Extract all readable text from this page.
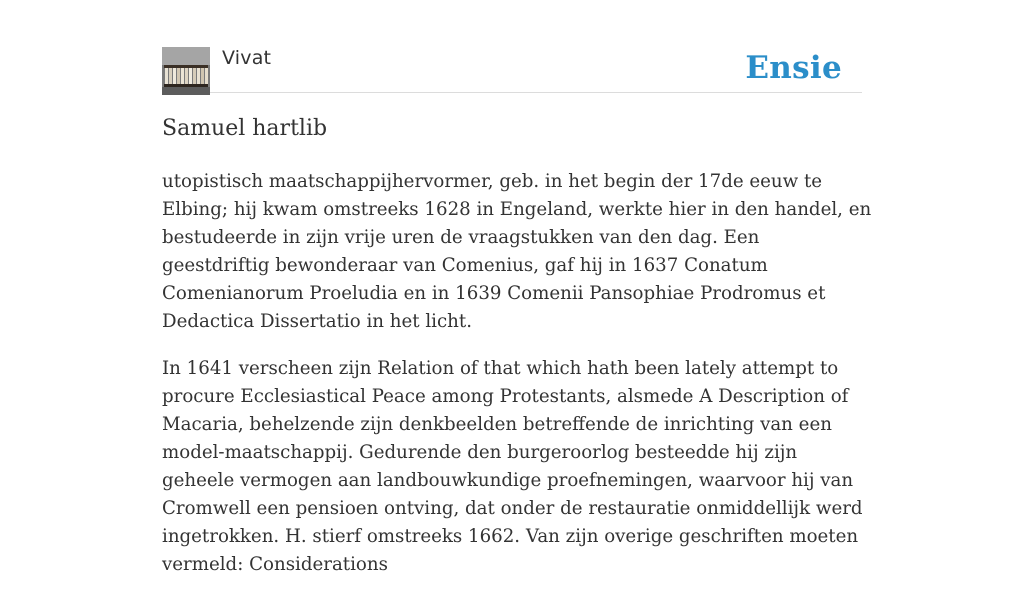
Vivat	Ensie
Samuel hartlib

utopistisch maatschappijhervormer, geb. in het begin der 17de eeuw te Elbing; hij kwam omstreeks 1628 in Engeland, werkte hier in den handel, en bestudeerde in zijn vrije uren de vraagstukken van den dag. Een geestdriftig bewonderaar van Comenius, gaf hij in 1637 Conatum Comenianorum Proeludia en in 1639 Comenii Pansophiae Prodromus et Dedactica Dissertatio in het licht.

In 1641 verscheen zijn Relation of that which hath been lately attempt to procure Ecclesiastical Peace among Protestants, alsmede A Description of Macaria, behelzende zijn denkbeelden betreffende de inrichting van een model-maatschappij. Gedurende den burgeroorlog besteedde hij zijn geheele vermogen aan landbouwkundige proefnemingen, waarvoor hij van Cromwell een pensioen ontving, dat onder de restauratie onmiddellijk werd ingetrokken. H. stierf omstreeks 1662. Van zijn overige geschriften moeten vermeld: Considerations
